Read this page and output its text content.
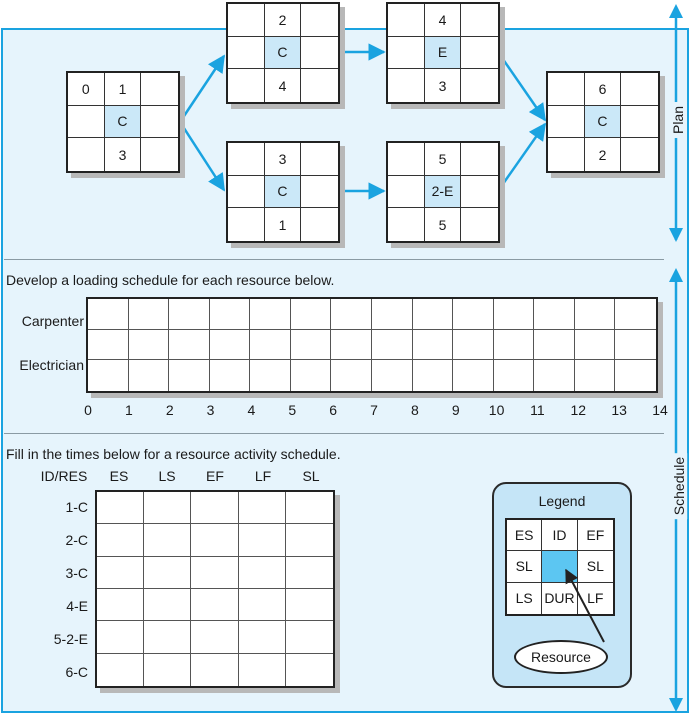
Plan
Schedule
0	1
C
3
2
C
4
4
E
3
3
C
1
5
2-E
5
6
C
2
Develop a loading schedule for each resource below.
Carpenter
Electrician
0	1	2	3	4	5	6	7	8	9	10	11	12	13	14
Fill in the times below for a resource activity schedule.
ID/RES	ES	LS	EF	LF	SL
1-C
2-C
3-C
4-E
5-2-E
6-C
Legend
ES	ID	EF
SL	SL
LS DUR LF
Resource
